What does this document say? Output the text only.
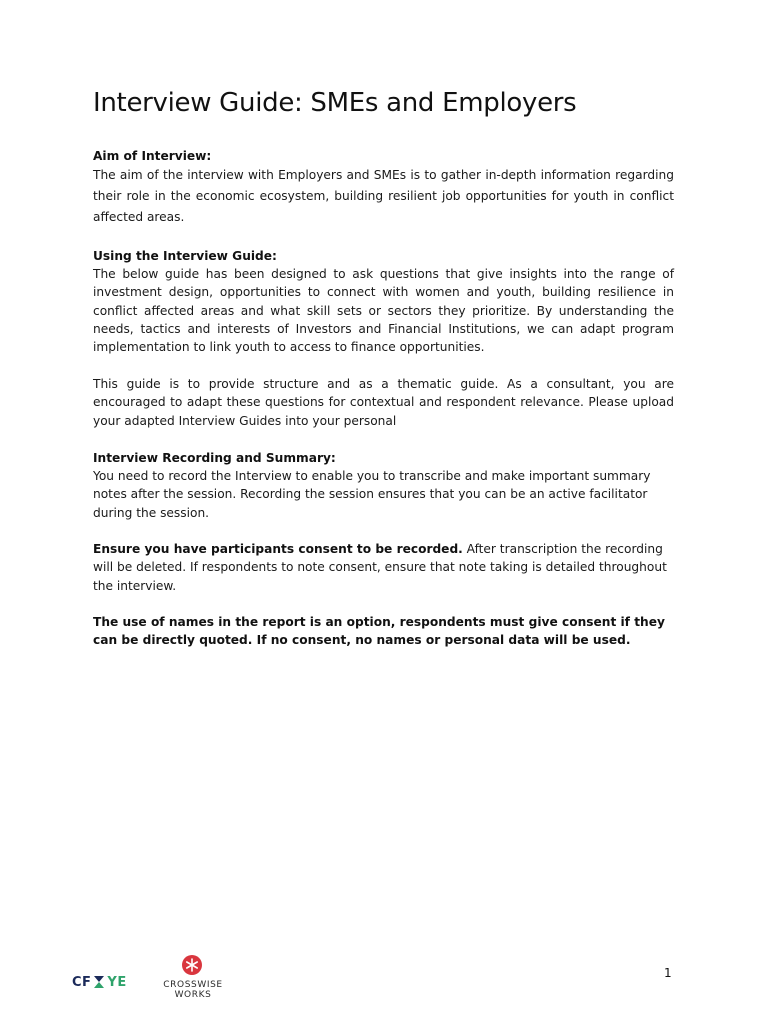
Interview Guide: SMEs and Employers
Aim of Interview:

The aim of the interview with Employers and SMEs is to gather in-depth information regarding their role in the economic ecosystem, building resilient job opportunities for youth in conflict affected areas.

Using the Interview Guide:

The below guide has been designed to ask questions that give insights into the range of investment design, opportunities to connect with women and youth, building resilience in conflict affected areas and what skill sets or sectors they prioritize. By understanding the needs, tactics and interests of Investors and Financial Institutions, we can adapt program implementation to link youth to access to finance opportunities.

This guide is to provide structure and as a thematic guide. As a consultant, you are encouraged to adapt these questions for contextual and respondent relevance. Please upload your adapted Interview Guides into your personal

Interview Recording and Summary:

You need to record the Interview to enable you to transcribe and make important summary notes after the session. Recording the session ensures that you can be an active facilitator during the session.

Ensure you have participants consent to be recorded. After transcription the recording will be deleted. If respondents to note consent, ensure that note taking is detailed throughout the interview.

The use of names in the report is an option, respondents must give consent if they can be directly quoted. If no consent, no names or personal data will be used.

CF YE	CROSSWISE
WORKS
1
